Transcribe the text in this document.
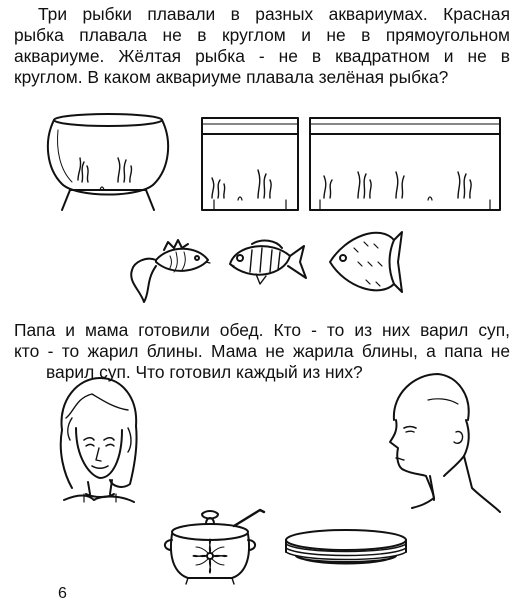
Три рыбки плавали в разных аквариумах. Красная
рыбка плавала не в круглом и не в прямоугольном
аквариуме. Жёлтая рыбка - не в квадратном и не в
круглом. В каком аквариуме плавала зелёная рыбка?
Папа и мама готовили обед. Кто - то из них варил суп,
кто - то жарил блины. Мама не жарила блины, а папа не
варил суп. Что готовил каждый из них?
6
